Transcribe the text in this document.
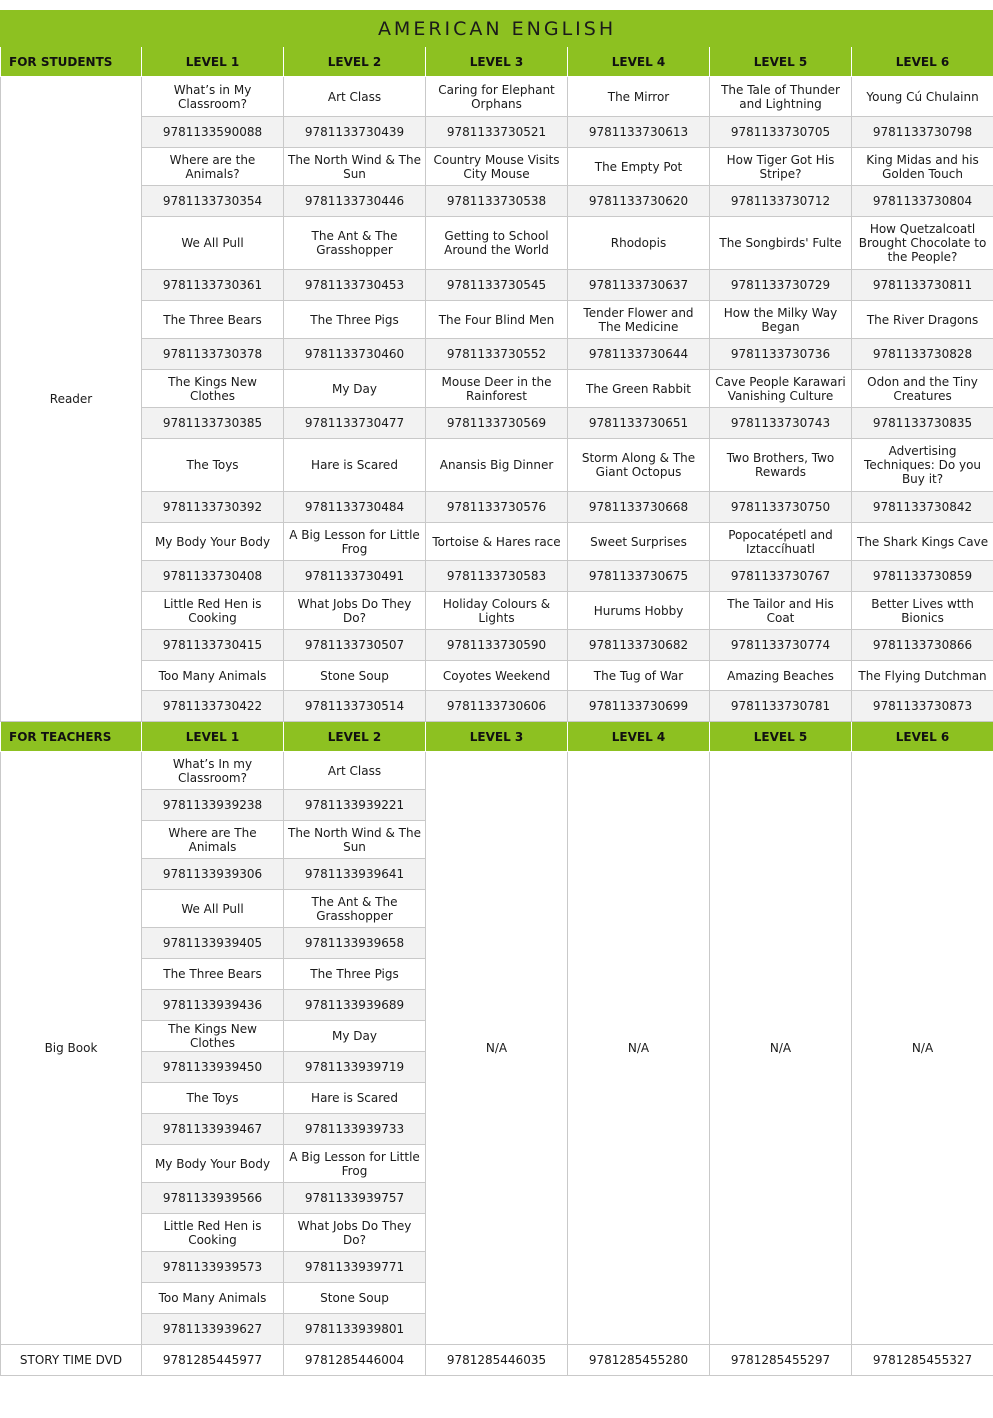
AMERICAN ENGLISH						
FOR STUDENTS	LEVEL 1	LEVEL 2	LEVEL 3	LEVEL 4	LEVEL 5	LEVEL 6
Reader	What’s in My Classroom?	Art Class	Caring for Elephant Orphans	The Mirror	The Tale of Thunder and Lightning	Young Cú Chulainn
	9781133590088	9781133730439	9781133730521	9781133730613	9781133730705	9781133730798
	Where are the Animals?	The North Wind & The Sun	Country Mouse Visits City Mouse	The Empty Pot	How Tiger Got His Stripe?	King Midas and his Golden Touch
	9781133730354	9781133730446	9781133730538	9781133730620	9781133730712	9781133730804
	We All Pull	The Ant & The Grasshopper	Getting to School Around the World	Rhodopis	The Songbirds' Fulte	How Quetzalcoatl Brought Chocolate to the People?
	9781133730361	9781133730453	9781133730545	9781133730637	9781133730729	9781133730811
	The Three Bears	The Three Pigs	The Four Blind Men	Tender Flower and The Medicine	How the Milky Way Began	The River Dragons
	9781133730378	9781133730460	9781133730552	9781133730644	9781133730736	9781133730828
	The Kings New Clothes	My Day	Mouse Deer in the Rainforest	The Green Rabbit	Cave People Karawari Vanishing Culture	Odon and the Tiny Creatures
	9781133730385	9781133730477	9781133730569	9781133730651	9781133730743	9781133730835
	The Toys	Hare is Scared	Anansis Big Dinner	Storm Along & The Giant Octopus	Two Brothers, Two Rewards	Advertising Techniques: Do you Buy it?
	9781133730392	9781133730484	9781133730576	9781133730668	9781133730750	9781133730842
	My Body Your Body	A Big Lesson for Little Frog	Tortoise & Hares race	Sweet Surprises	Popocatépetl and Iztaccíhuatl	The Shark Kings Cave
	9781133730408	9781133730491	9781133730583	9781133730675	9781133730767	9781133730859
	Little Red Hen is Cooking	What Jobs Do They Do?	Holiday Colours & Lights	Hurums Hobby	The Tailor and His Coat	Better Lives wtth Bionics
	9781133730415	9781133730507	9781133730590	9781133730682	9781133730774	9781133730866
	Too Many Animals	Stone Soup	Coyotes Weekend	The Tug of War	Amazing Beaches	The Flying Dutchman
	9781133730422	9781133730514	9781133730606	9781133730699	9781133730781	9781133730873
FOR TEACHERS	LEVEL 1	LEVEL 2	LEVEL 3	LEVEL 4	LEVEL 5	LEVEL 6
Big Book	What’s In my Classroom?	Art Class	N/A	N/A	N/A	N/A
	9781133939238	9781133939221				
	Where are The Animals	The North Wind & The Sun				
	9781133939306	9781133939641				
	We All Pull	The Ant & The Grasshopper				
	9781133939405	9781133939658				
	The Three Bears	The Three Pigs				
	9781133939436	9781133939689				
	The Kings New Clothes	My Day				
	9781133939450	9781133939719				
	The Toys	Hare is Scared				
	9781133939467	9781133939733				
	My Body Your Body	A Big Lesson for Little Frog				
	9781133939566	9781133939757				
	Little Red Hen is Cooking	What Jobs Do They Do?				
	9781133939573	9781133939771				
	Too Many Animals	Stone Soup				
	9781133939627	9781133939801				
STORY TIME DVD	9781285445977	9781285446004	9781285446035	9781285455280	9781285455297	9781285455327
